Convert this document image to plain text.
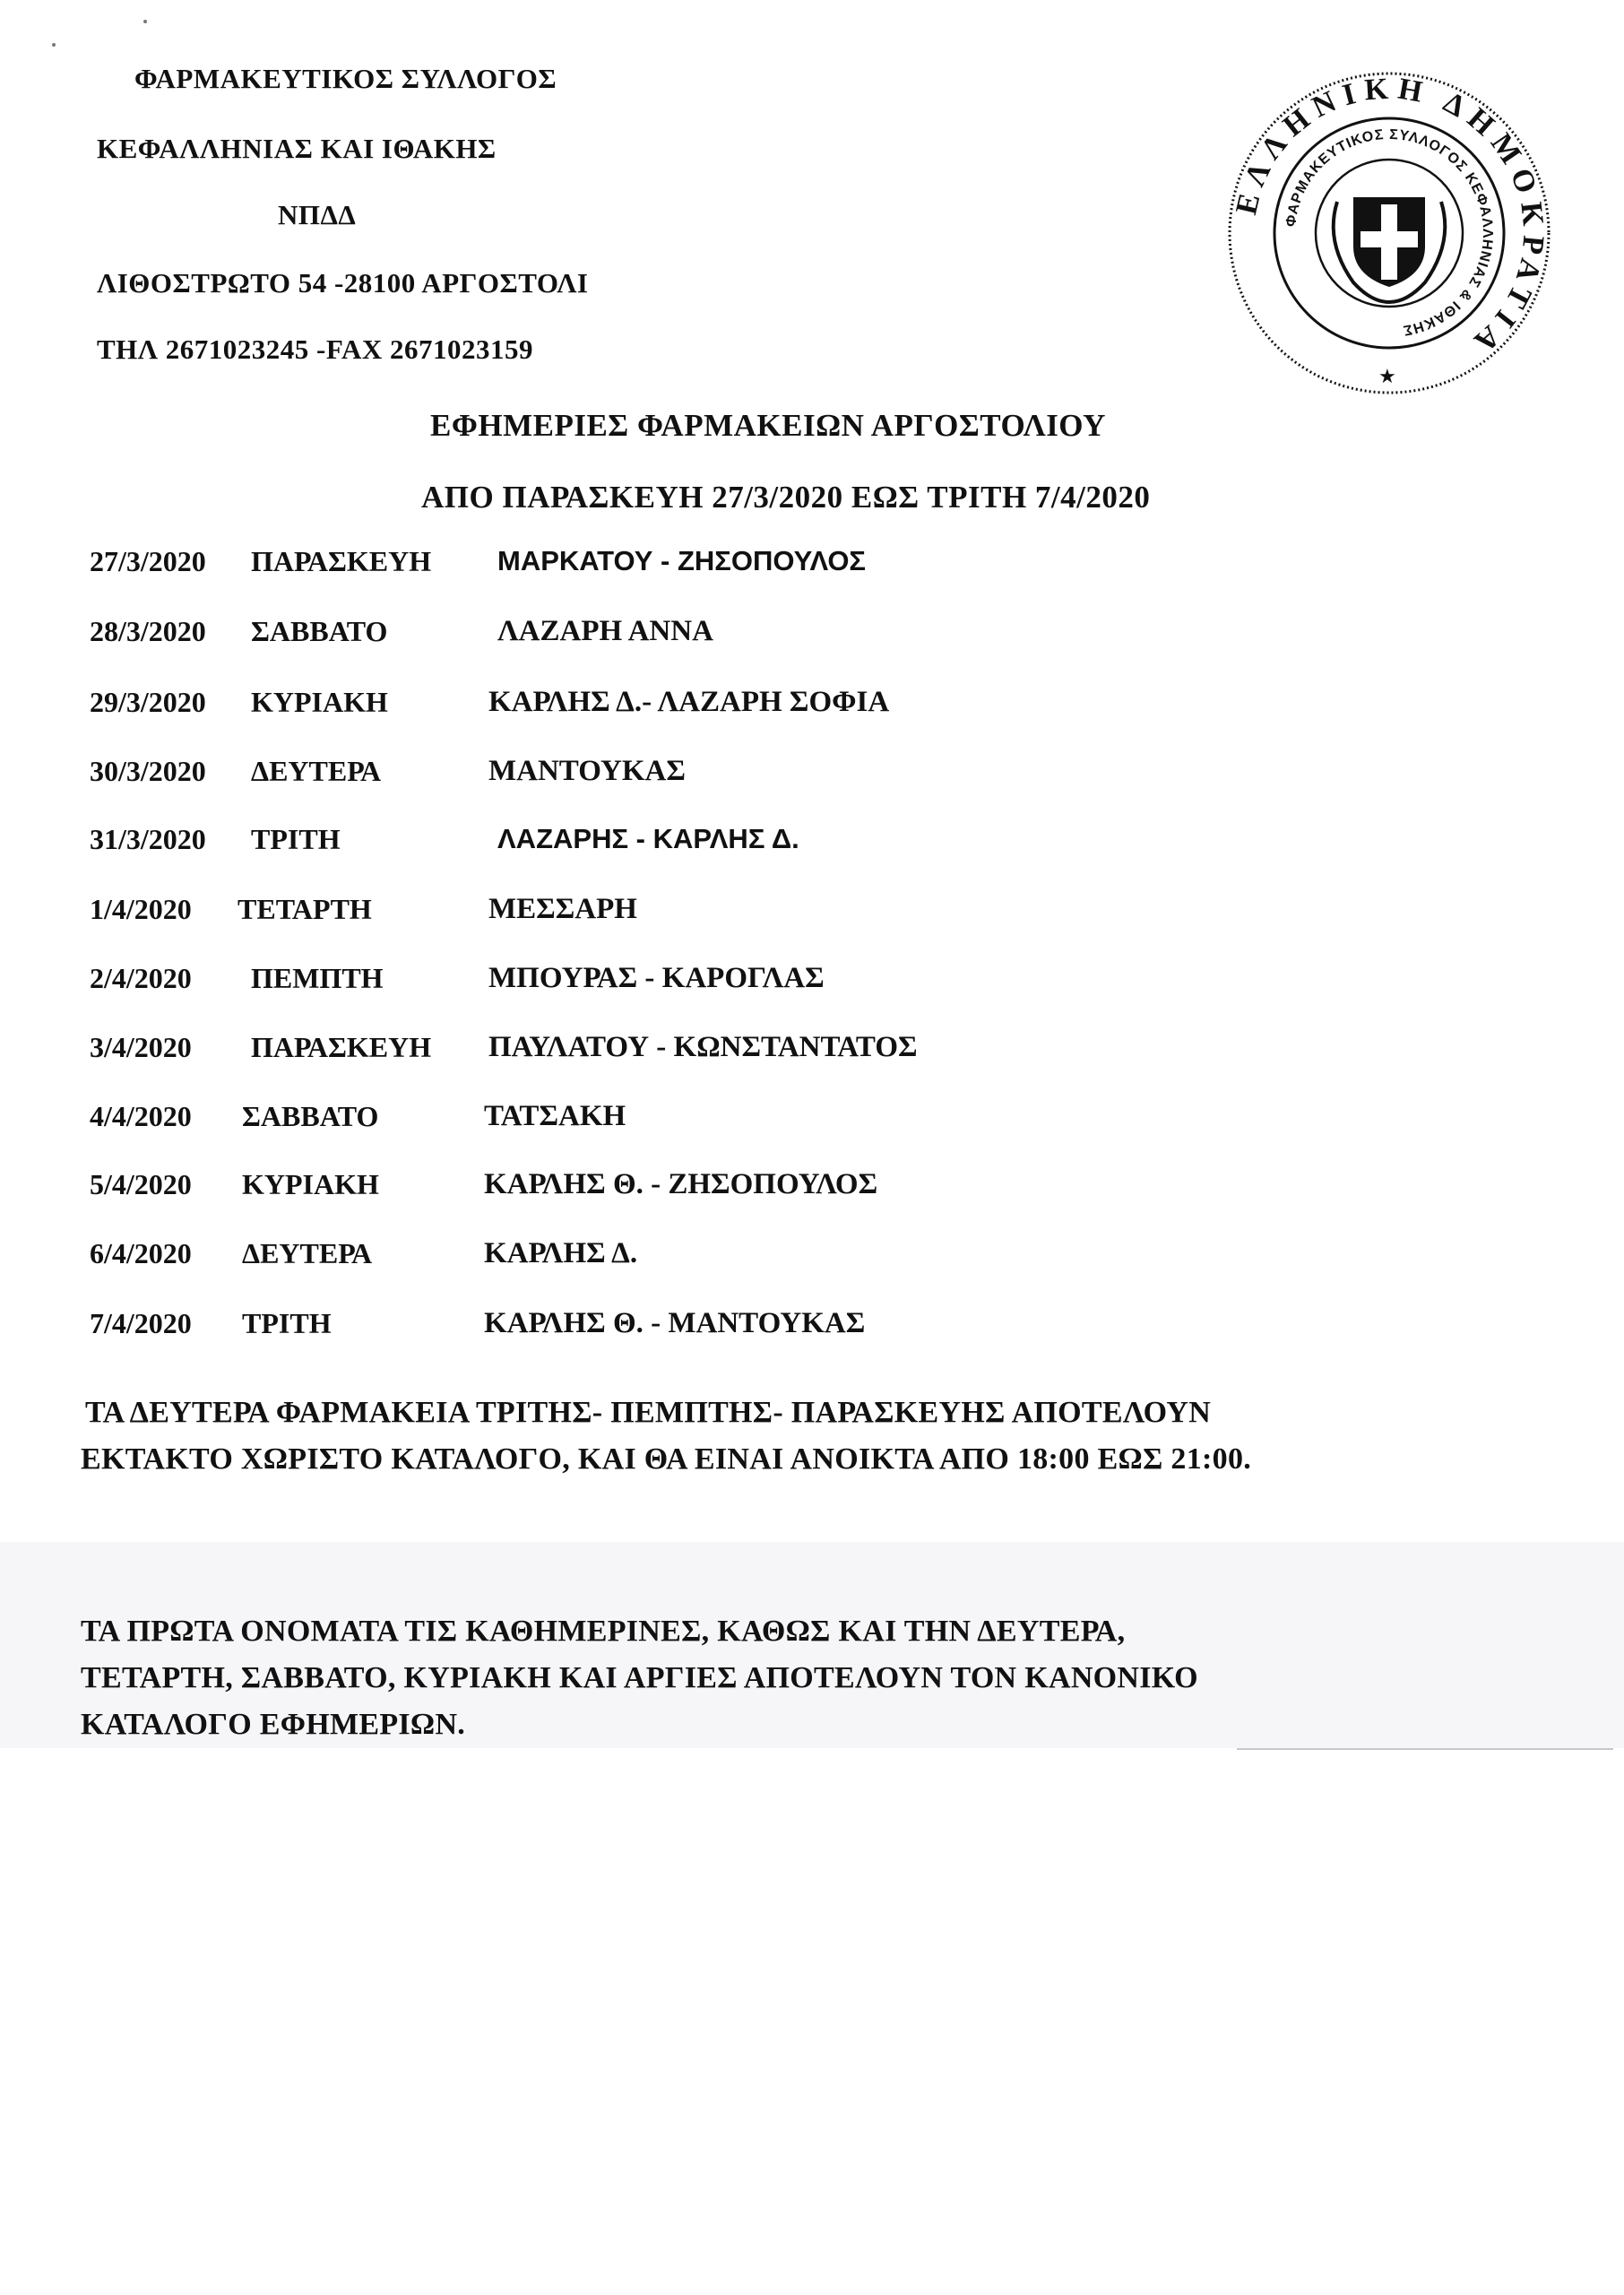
ΦΑΡΜΑΚΕΥΤΙΚΟΣ ΣΥΛΛΟΓΟΣ
ΚΕΦΑΛΛΗΝΙΑΣ ΚΑΙ ΙΘΑΚΗΣ
ΝΠΔΔ
ΛΙΘΟΣΤΡΩΤΟ 54 -28100 ΑΡΓΟΣΤΟΛΙ
ΤΗΛ 2671023245 -FAX 2671023159
ΕΛΛΗΝΙΚΗ ΔΗΜΟΚΡΑΤΙΑ
ΦΑΡΜΑΚΕΥΤΙΚΟΣ ΣΥΛΛΟΓΟΣ ΚΕΦΑΛΛΗΝΙΑΣ & ΙΘΑΚΗΣ
★
ΕΦΗΜΕΡΙΕΣ ΦΑΡΜΑΚΕΙΩΝ ΑΡΓΟΣΤΟΛΙΟΥ
ΑΠΟ ΠΑΡΑΣΚΕΥΗ 27/3/2020 ΕΩΣ ΤΡΙΤΗ 7/4/2020
27/3/2020 ΠΑΡΑΣΚΕΥΗ ΜΑΡΚΑΤΟΥ - ΖΗΣΟΠΟΥΛΟΣ
28/3/2020 ΣΑΒΒΑΤΟ	ΛΑΖΑΡΗ ΑΝΝΑ
29/3/2020 ΚΥΡΙΑΚΗ	ΚΑΡΛΗΣ Δ.- ΛΑΖΑΡΗ ΣΟΦΙΑ
30/3/2020 ΔΕΥΤΕΡΑ	ΜΑΝΤΟΥΚΑΣ
31/3/2020 ΤΡΙΤΗ	ΛΑΖΑΡΗΣ - ΚΑΡΛΗΣ Δ.
1/4/2020 ΤΕΤΑΡΤΗ	ΜΕΣΣΑΡΗ
2/4/2020 ΠΕΜΠΤΗ	ΜΠΟΥΡΑΣ - ΚΑΡΟΓΛΑΣ
3/4/2020 ΠΑΡΑΣΚΕΥΗ ΠΑΥΛΑΤΟΥ - ΚΩΝΣΤΑΝΤΑΤΟΣ
4/4/2020 ΣΑΒΒΑΤΟ	ΤΑΤΣΑΚΗ
5/4/2020 ΚΥΡΙΑΚΗ	ΚΑΡΛΗΣ Θ. - ΖΗΣΟΠΟΥΛΟΣ
6/4/2020 ΔΕΥΤΕΡΑ	ΚΑΡΛΗΣ Δ.
7/4/2020 ΤΡΙΤΗ	ΚΑΡΛΗΣ Θ. - ΜΑΝΤΟΥΚΑΣ
ΤΑ ΔΕΥΤΕΡΑ ΦΑΡΜΑΚΕΙΑ ΤΡΙΤΗΣ- ΠΕΜΠΤΗΣ- ΠΑΡΑΣΚΕΥΗΣ ΑΠΟΤΕΛΟΥΝ
ΕΚΤΑΚΤΟ ΧΩΡΙΣΤΟ ΚΑΤΑΛΟΓΟ, ΚΑΙ ΘΑ ΕΙΝΑΙ ΑΝΟΙΚΤΑ ΑΠΟ 18:00 ΕΩΣ 21:00.
ΤΑ ΠΡΩΤΑ ΟΝΟΜΑΤΑ ΤΙΣ ΚΑΘΗΜΕΡΙΝΕΣ, ΚΑΘΩΣ ΚΑΙ ΤΗΝ ΔΕΥΤΕΡΑ,
ΤΕΤΑΡΤΗ, ΣΑΒΒΑΤΟ, ΚΥΡΙΑΚΗ ΚΑΙ ΑΡΓΙΕΣ ΑΠΟΤΕΛΟΥΝ ΤΟΝ ΚΑΝΟΝΙΚΟ
ΚΑΤΑΛΟΓΟ ΕΦΗΜΕΡΙΩΝ.
